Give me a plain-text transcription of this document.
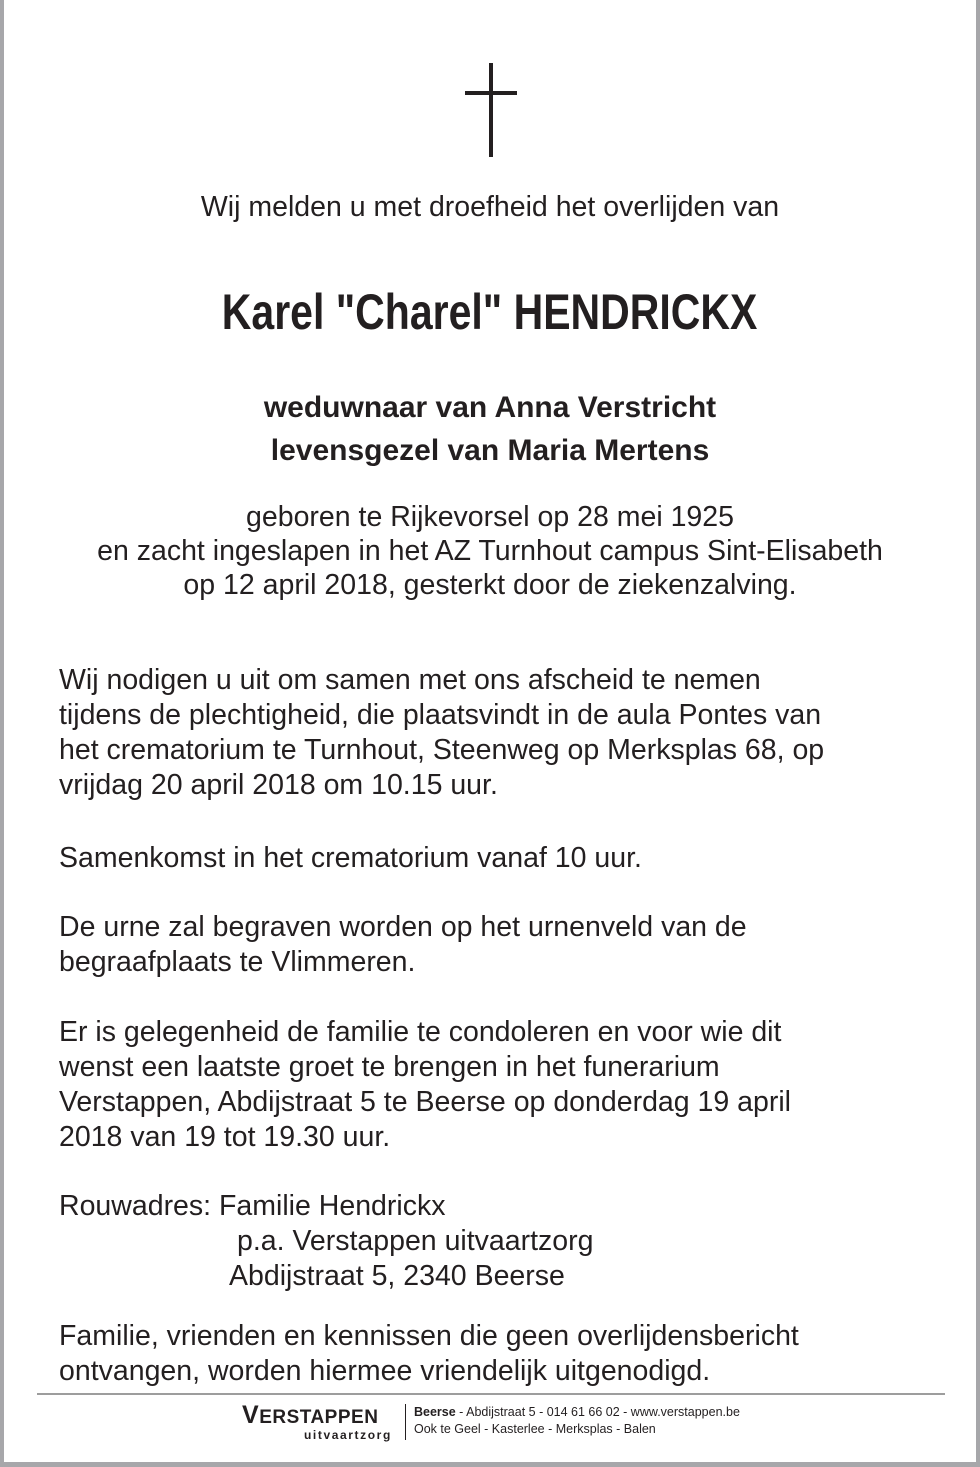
Wij melden u met droefheid het overlijden van
Karel "Charel" HENDRICKX
weduwnaar van Anna Verstricht
levensgezel van Maria Mertens
geboren te Rijkevorsel op 28 mei 1925
en zacht ingeslapen in het AZ Turnhout campus Sint-Elisabeth
op 12 april 2018, gesterkt door de ziekenzalving.
Wij nodigen u uit om samen met ons afscheid te nemen
tijdens de plechtigheid, die plaatsvindt in de aula Pontes van
het crematorium te Turnhout, Steenweg op Merksplas 68, op
vrijdag 20 april 2018 om 10.15 uur.
Samenkomst in het crematorium vanaf 10 uur.
De urne zal begraven worden op het urnenveld van de
begraafplaats te Vlimmeren.
Er is gelegenheid de familie te condoleren en voor wie dit
wenst een laatste groet te brengen in het funerarium
Verstappen, Abdijstraat 5 te Beerse op donderdag 19 april
2018 van 19 tot 19.30 uur.
Rouwadres: Familie Hendrickx
p.a. Verstappen uitvaartzorg
Abdijstraat 5, 2340 Beerse
Familie, vrienden en kennissen die geen overlijdensbericht
ontvangen, worden hiermee vriendelijk uitgenodigd.
VERSTAPPEN
uitvaartzorg
Beerse - Abdijstraat 5 - 014 61 66 02 - www.verstappen.be
Ook te Geel - Kasterlee - Merksplas - Balen
